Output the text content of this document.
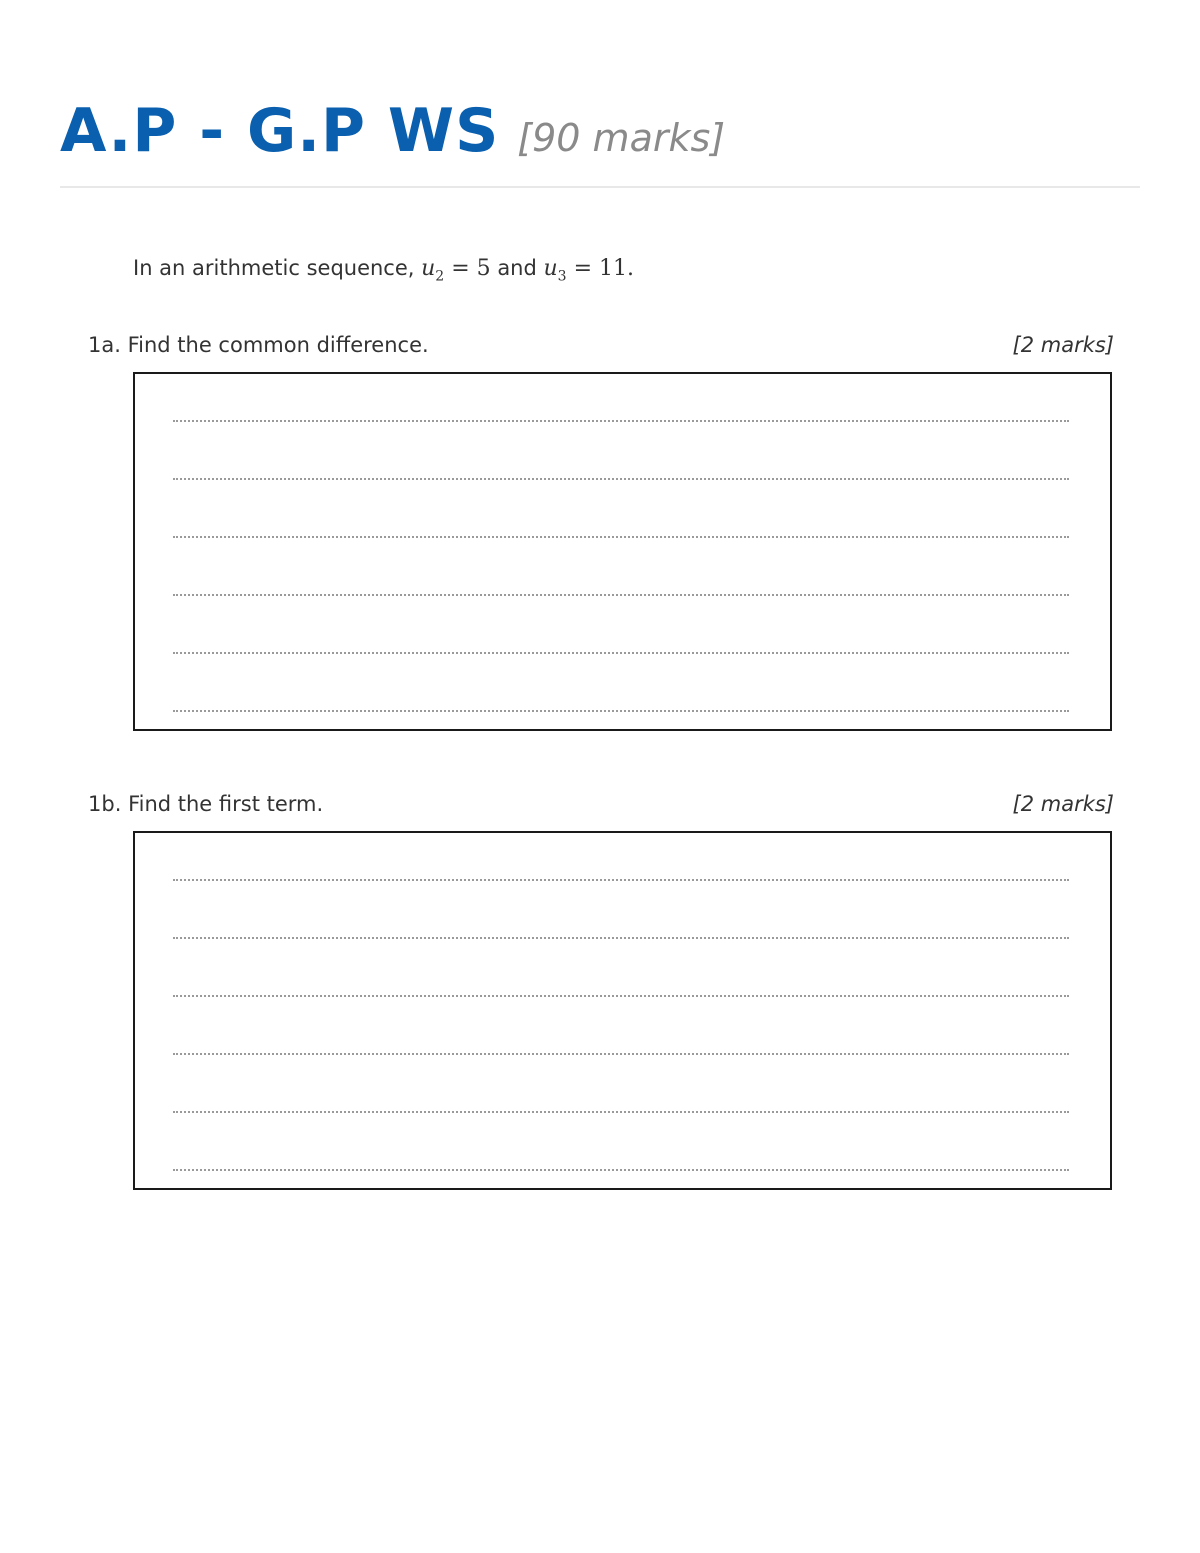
A.P - G.P WS [90 marks]
In an arithmetic sequence, $u_2 = 5$ and $u_3 = 11$.
1a. Find the common difference.	[2 marks]
1b. Find the first term.	[2 marks]
